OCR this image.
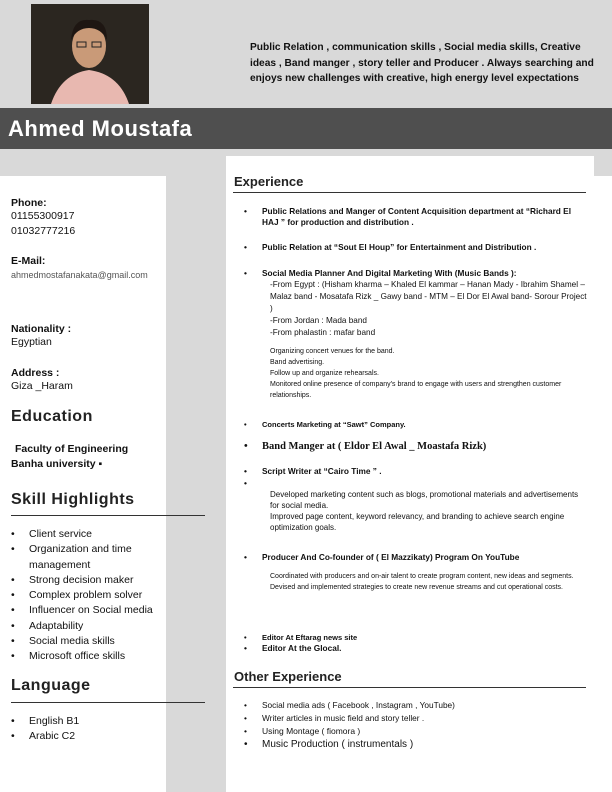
Public Relation , communication skills , Social media skills, Creative ideas , Band manger , story teller and Producer . Always searching and enjoys new challenges with creative, high energy level expectations
Ahmed Moustafa
Phone:
01155300917
01032777216
E-Mail:
ahmedmostafanakata@gmail.com
Nationality :
Egyptian
Address :
Giza _Haram
Education
Faculty of Engineering Banha university ▪
Skill Highlights
• Client service
• Organization and time management
• Strong decision maker
• Complex problem solver
• Influencer on Social media
• Adaptability
• Social media skills
• Microsoft office skills
Language
• English B1
• Arabic C2
Experience
• Public Relations and Manger of Content Acquisition department at “Richard El HAJ ” for production and distribution .
• Public Relation at “Sout El Houp” for Entertainment and Distribution .
• Social Media Planner And Digital Marketing With (Music Bands ):
-From Egypt : (Hisham kharma – Khaled El kammar – Hanan Mady - Ibrahim Shamel – Malaz band - Mosatafa Rizk _ Gawy band - MTM – El Dor El Awal band- Sorour Project )
-From Jordan : Mada band
-From phalastin : mafar band
Organizing concert venues for the band.
Band advertising.
Follow up and organize rehearsals.
Monitored online presence of company’s brand to engage with users and strengthen customer relationships.
• Concerts Marketing at “Sawt” Company.
• Band Manger at ( Eldor El Awal _ Moastafa Rizk)
• Script Writer at “Cairo Time ” .

• Developed marketing content such as blogs, promotional materials and advertisements for social media.
Improved page content, keyword relevancy, and branding to achieve search engine optimization goals.
• Producer And Co-founder of ( El Mazzikaty) Program On YouTube
Coordinated with producers and on-air talent to create program content, new ideas and segments.
Devised and implemented strategies to create new revenue streams and cut operational costs.
• Editor At Eftarag news site
• Editor At the Glocal.
Other Experience
• Social media ads ( Facebook , Instagram , YouTube)
• Writer articles in music field and story teller .
• Using Montage ( fiomora )
• Music Production ( instrumentals )
